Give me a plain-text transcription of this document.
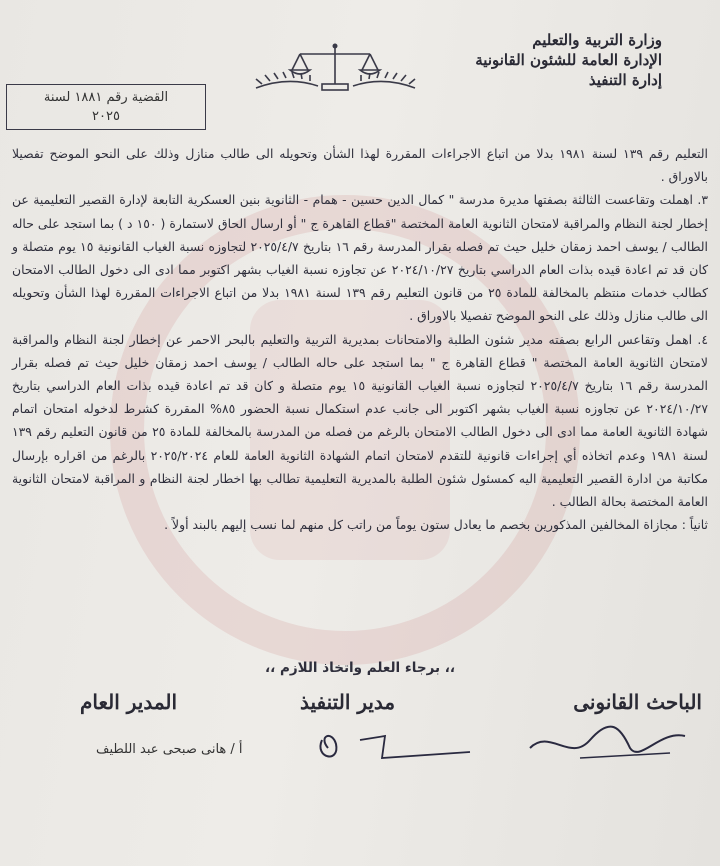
وزارة التربية والتعليم
الإدارة العامة للشئون القانونية
إدارة التنفيذ
القضية رقم ١٨٨١ لسنة
٢٠٢٥

التعليم رقم ١٣٩ لسنة ١٩٨١ بدلا من اتباع الاجراءات المقررة لهذا الشأن وتحويله الى طالب منازل وذلك على النحو الموضح تفصيلا بالاوراق .

٣. اهملت وتقاعست الثالثة بصفتها مديرة مدرسة " كمال الدين حسين - همام - الثانوية بنين العسكرية التابعة لإدارة القصير التعليمية عن إخطار لجنة النظام والمراقبة لامتحان الثانوية العامة المختصة "قطاع القاهرة ج " أو ارسال الحاق لاستمارة ( ١٥٠ د ) بما استجد على حاله الطالب / يوسف احمد زمقان خليل حيث تم فصله بقرار المدرسة رقم ١٦ بتاريخ ٢٠٢٥/٤/٧ لتجاوزه نسبة الغياب القانونية ١٥ يوم متصلة و كان قد تم اعادة قيده بذات العام الدراسي بتاريخ ٢٠٢٤/١٠/٢٧ عن تجاوزه نسبة الغياب بشهر اكتوبر مما ادى الى دخول الطالب الامتحان كطالب خدمات منتظم بالمخالفة للمادة ٢٥ من قانون التعليم رقم ١٣٩ لسنة ١٩٨١ بدلا من اتباع الاجراءات المقررة لهذا الشأن وتحويله الى طالب منازل وذلك على النحو الموضح تفصيلا بالاوراق .

٤. اهمل وتقاعس الرابع بصفته مدير شئون الطلبة والامتحانات بمديرية التربية والتعليم بالبحر الاحمر عن إخطار لجنة النظام والمراقبة لامتحان الثانوية العامة المختصة " قطاع القاهرة ج " بما استجد على حاله الطالب / يوسف احمد زمقان خليل حيث تم فصله بقرار المدرسة رقم ١٦ بتاريخ ٢٠٢٥/٤/٧ لتجاوزه نسبة الغياب القانونية ١٥ يوم متصلة و كان قد تم اعادة قيده بذات العام الدراسي بتاريخ ٢٠٢٤/١٠/٢٧ عن تجاوزه نسبة الغياب بشهر اكتوبر الى جانب عدم استكمال نسبة الحضور ٨٥% المقررة كشرط لدخوله امتحان اتمام شهادة الثانوية العامة مما ادى الى دخول الطالب الامتحان بالرغم من فصله من المدرسة بالمخالفة للمادة ٢٥ من قانون التعليم رقم ١٣٩ لسنة ١٩٨١ وعدم اتخاذه أي إجراءات قانونية للتقدم لامتحان اتمام الشهادة الثانوية العامة للعام ٢٠٢٥/٢٠٢٤ بالرغم من اقراره بإرسال مكاتبة من ادارة القصير التعليمية اليه كمسئول شئون الطلبة بالمديرية التعليمية تطالب بها اخطار لجنة النظام و المراقبة لامتحان الثانوية العامة المختصة بحالة الطالب .

ثانياً : مجازاة المخالفين المذكورين بخصم ما يعادل ستون يوماً من راتب كل منهم لما نسب إليهم بالبند أولاً .

،، برجاء العلم واتخاذ اللازم ،،
الباحث القانونى
مدير التنفيذ
المدير العام
أ / هانى صبحى عبد اللطيف
